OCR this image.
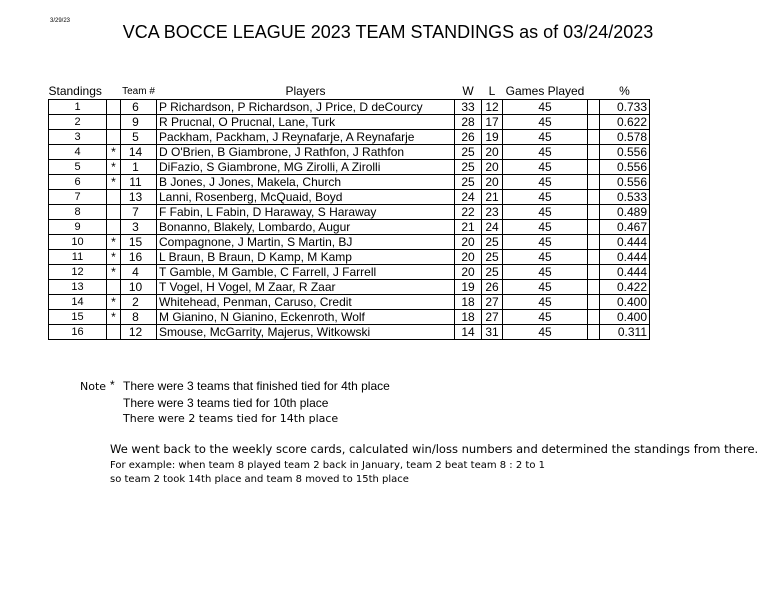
3/29/23
VCA BOCCE LEAGUE 2023 TEAM STANDINGS as of 03/24/2023
Standings		Team #	Players	W	L	Games Played		%
1		6	P Richardson, P Richardson, J Price, D deCourcy	33	12	45		0.733
2		9	R Prucnal, O Prucnal, Lane, Turk	28	17	45		0.622
3		5	Packham, Packham, J Reynafarje, A Reynafarje	26	19	45		0.578
4	*	14	D O'Brien, B Giambrone, J Rathfon, J Rathfon	25	20	45		0.556
5	*	1	DiFazio, S Giambrone, MG Zirolli, A Zirolli	25	20	45		0.556
6	*	11	B Jones, J Jones, Makela, Church	25	20	45		0.556
7		13	Lanni, Rosenberg, McQuaid, Boyd	24	21	45		0.533
8		7	F Fabin, L Fabin, D Haraway, S Haraway	22	23	45		0.489
9		3	Bonanno, Blakely, Lombardo, Augur	21	24	45		0.467
10	*	15	Compagnone, J Martin, S Martin, BJ	20	25	45		0.444
11	*	16	L Braun, B Braun, D Kamp, M Kamp	20	25	45		0.444
12	*	4	T Gamble, M Gamble, C Farrell, J Farrell	20	25	45		0.444
13		10	T Vogel, H Vogel, M Zaar, R Zaar	19	26	45		0.422
14	*	2	Whitehead, Penman, Caruso, Credit	18	27	45		0.400
15	*	8	M Gianino, N Gianino, Eckenroth, Wolf	18	27	45		0.400
16		12	Smouse, McGarrity, Majerus, Witkowski	14	31	45		0.311
Note * There were 3 teams that finished tied for 4th place
There were 3 teams tied for 10th place
There were 2 teams tied for 14th place
We went back to the weekly score cards, calculated win/loss numbers and determined the standings from there.
For example: when team 8 played team 2 back in January, team 2 beat team 8 : 2 to 1
so team 2 took 14th place and team 8 moved to 15th place
